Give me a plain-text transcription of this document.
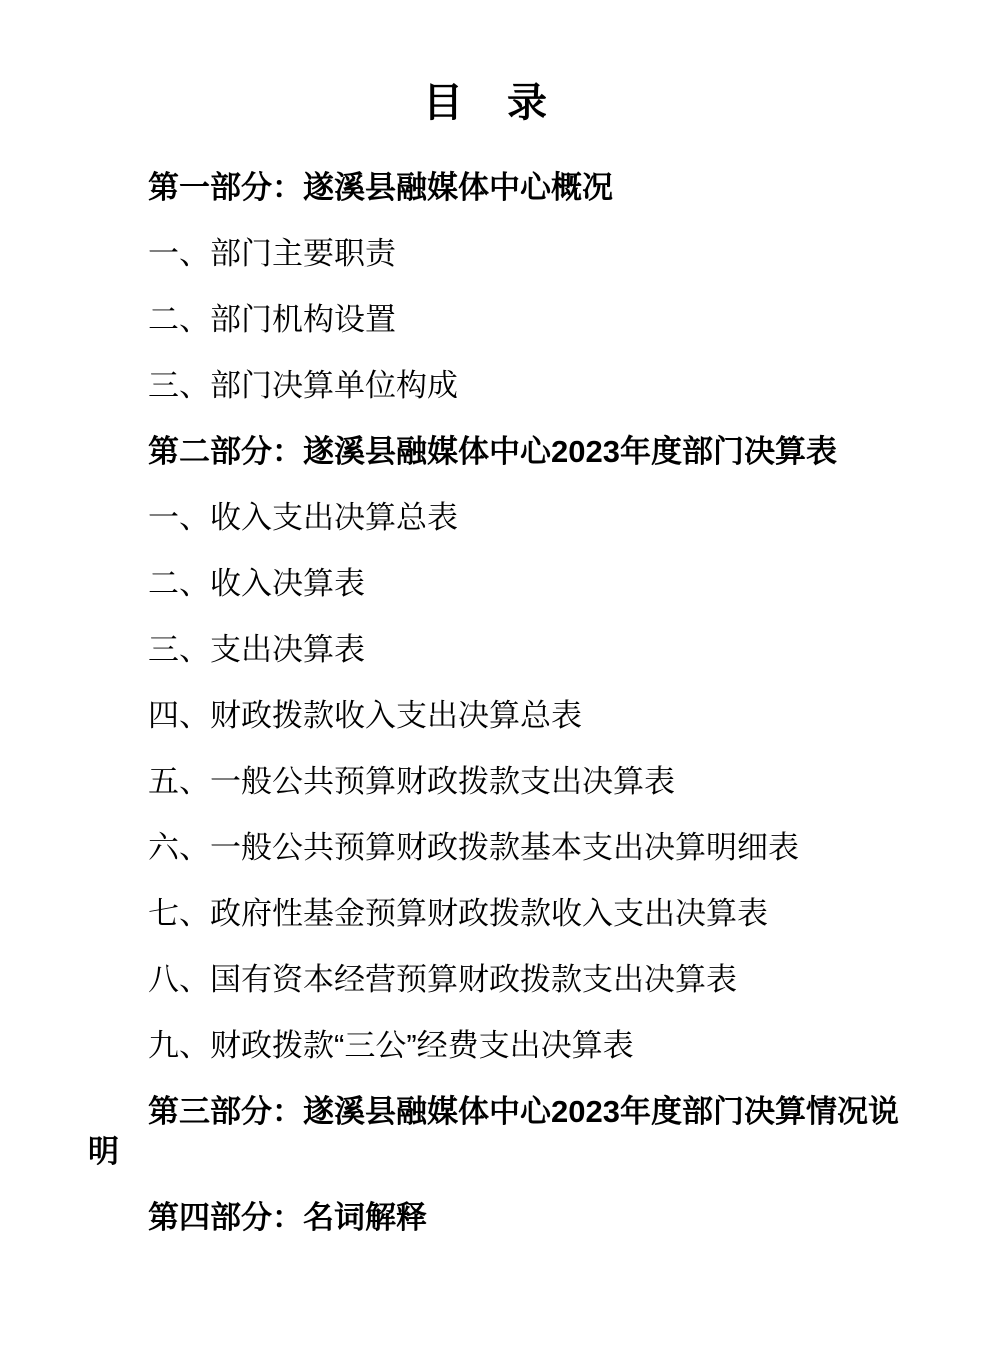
目　录

第一部分：遂溪县融媒体中心概况

一、部门主要职责

二、部门机构设置

三、部门决算单位构成

第二部分：遂溪县融媒体中心2023年度部门决算表

一、收入支出决算总表

二、收入决算表

三、支出决算表

四、财政拨款收入支出决算总表

五、一般公共预算财政拨款支出决算表

六、一般公共预算财政拨款基本支出决算明细表

七、政府性基金预算财政拨款收入支出决算表

八、国有资本经营预算财政拨款支出决算表

九、财政拨款“三公”经费支出决算表

第三部分：遂溪县融媒体中心2023年度部门决算情况说明

第四部分：名词解释
